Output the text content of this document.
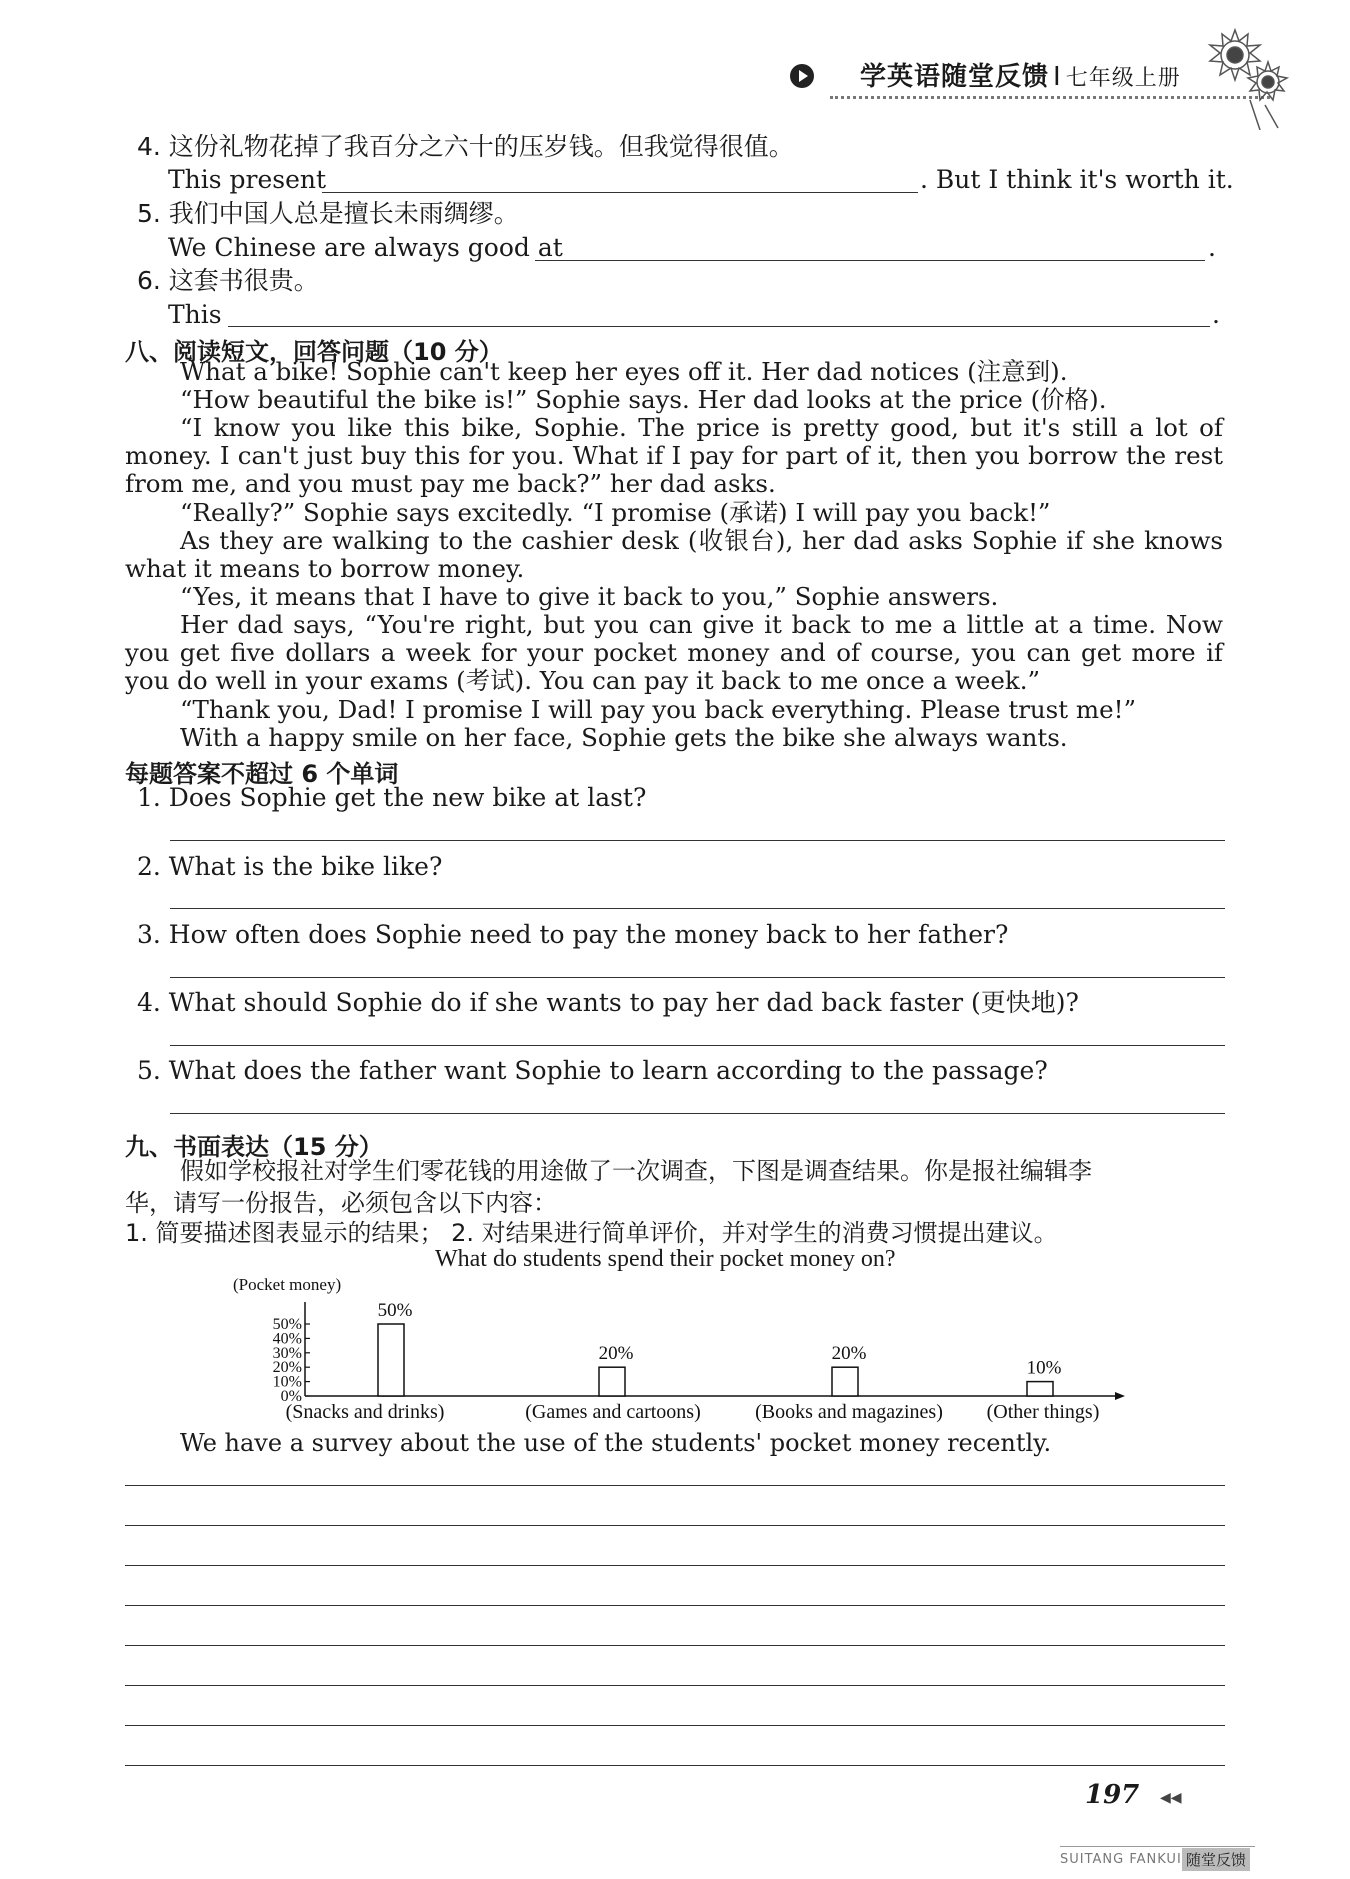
学英语随堂反馈 I 七年级上册
4. 这份礼物花掉了我百分之六十的压岁钱。但我觉得很值。
This present	. But I think it's worth it.
5. 我们中国人总是擅长未雨绸缪。
We Chinese are always good at	.
6. 这套书很贵。
This	.
八、阅读短文，回答问题（10 分）
What a bike! Sophie can't keep her eyes off it. Her dad notices (注意到).
“How beautiful the bike is!” Sophie says. Her dad looks at the price (价格).
“I know you like this bike, Sophie. The price is pretty good, but it's still a lot of money. I can't just buy this for you. What if I pay for part of it, then you borrow the rest from me, and you must pay me back?” her dad asks.
“Really?” Sophie says excitedly. “I promise (承诺) I will pay you back!”
As they are walking to the cashier desk (收银台), her dad asks Sophie if she knows what it means to borrow money.
“Yes, it means that I have to give it back to you,” Sophie answers.
Her dad says, “You're right, but you can give it back to me a little at a time. Now you get five dollars a week for your pocket money and of course, you can get more if you do well in your exams (考试). You can pay it back to me once a week.”
“Thank you, Dad! I promise I will pay you back everything. Please trust me!”
With a happy smile on her face, Sophie gets the bike she always wants.
每题答案不超过 6 个单词
1. Does Sophie get the new bike at last?
2. What is the bike like?
3. How often does Sophie need to pay the money back to her father?
4. What should Sophie do if she wants to pay her dad back faster (更快地)?
5. What does the father want Sophie to learn according to the passage?
九、书面表达（15 分）
假如学校报社对学生们零花钱的用途做了一次调查，下图是调查结果。你是报社编辑李
华，请写一份报告，必须包含以下内容：
1. 简要描述图表显示的结果； 2. 对结果进行简单评价，并对学生的消费习惯提出建议。
What do students spend their pocket money on?
(Pocket money)
0%
10%
20%
30%
40%
50%
50%
(Snacks and drinks)
20%
(Games and cartoons)
20%
(Books and magazines)
10%
(Other things)
We have a survey about the use of the students' pocket money recently.
197 ◀◀
SUITANG FANKUI 随堂反馈
